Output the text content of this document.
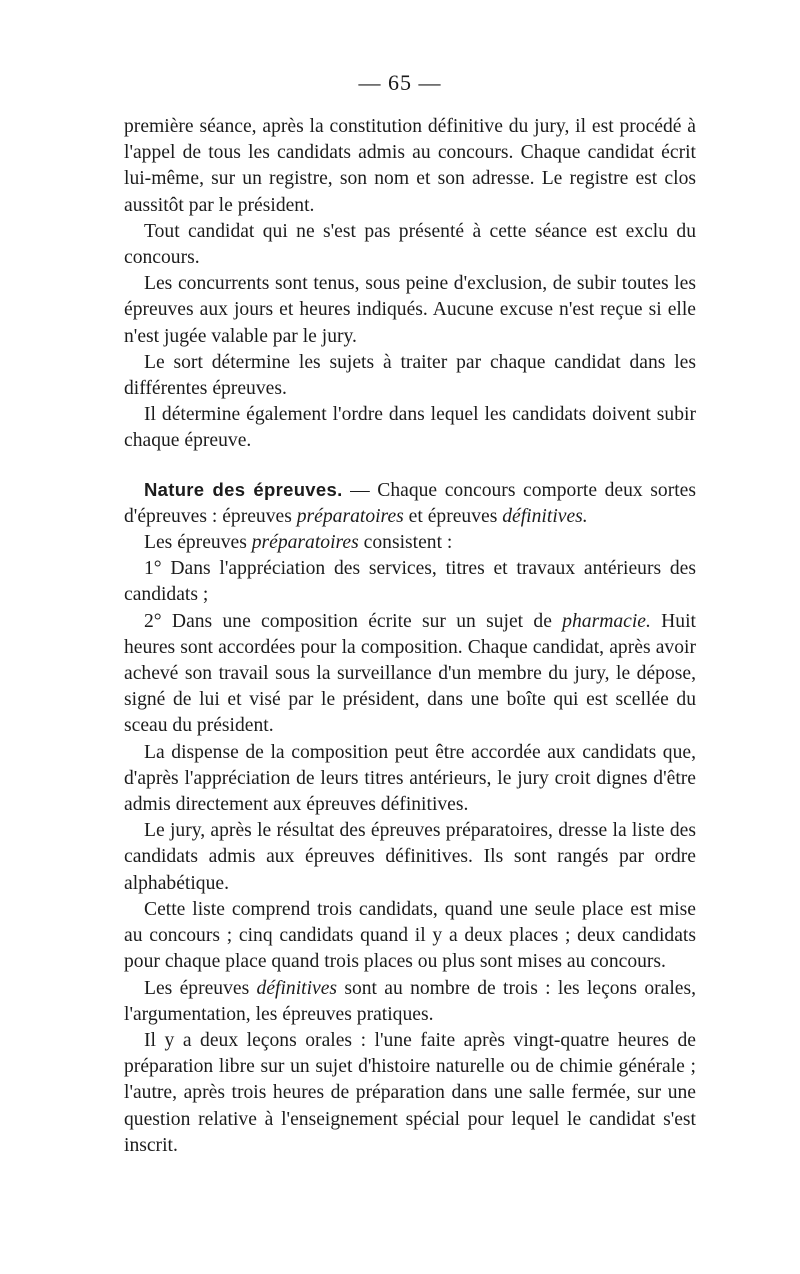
— 65 —

première séance, après la constitution définitive du jury, il est procédé à l'appel de tous les candidats admis au concours. Chaque candidat écrit lui-même, sur un registre, son nom et son adresse. Le registre est clos aussitôt par le président.

Tout candidat qui ne s'est pas présenté à cette séance est exclu du concours.

Les concurrents sont tenus, sous peine d'exclusion, de subir toutes les épreuves aux jours et heures indiqués. Aucune excuse n'est reçue si elle n'est jugée valable par le jury.

Le sort détermine les sujets à traiter par chaque candidat dans les différentes épreuves.

Il détermine également l'ordre dans lequel les candidats doivent subir chaque épreuve.

Nature des épreuves. — Chaque concours comporte deux sortes d'épreuves : épreuves préparatoires et épreuves définitives.

Les épreuves préparatoires consistent :

1° Dans l'appréciation des services, titres et travaux antérieurs des candidats ;

2° Dans une composition écrite sur un sujet de pharmacie. Huit heures sont accordées pour la composition. Chaque candidat, après avoir achevé son travail sous la surveillance d'un membre du jury, le dépose, signé de lui et visé par le président, dans une boîte qui est scellée du sceau du président.

La dispense de la composition peut être accordée aux candidats que, d'après l'appréciation de leurs titres antérieurs, le jury croit dignes d'être admis directement aux épreuves définitives.

Le jury, après le résultat des épreuves préparatoires, dresse la liste des candidats admis aux épreuves définitives. Ils sont rangés par ordre alphabétique.

Cette liste comprend trois candidats, quand une seule place est mise au concours ; cinq candidats quand il y a deux places ; deux candidats pour chaque place quand trois places ou plus sont mises au concours.

Les épreuves définitives sont au nombre de trois : les leçons orales, l'argumentation, les épreuves pratiques.

Il y a deux leçons orales : l'une faite après vingt-quatre heures de préparation libre sur un sujet d'histoire naturelle ou de chimie générale ; l'autre, après trois heures de préparation dans une salle fermée, sur une question relative à l'enseignement spécial pour lequel le candidat s'est inscrit.
